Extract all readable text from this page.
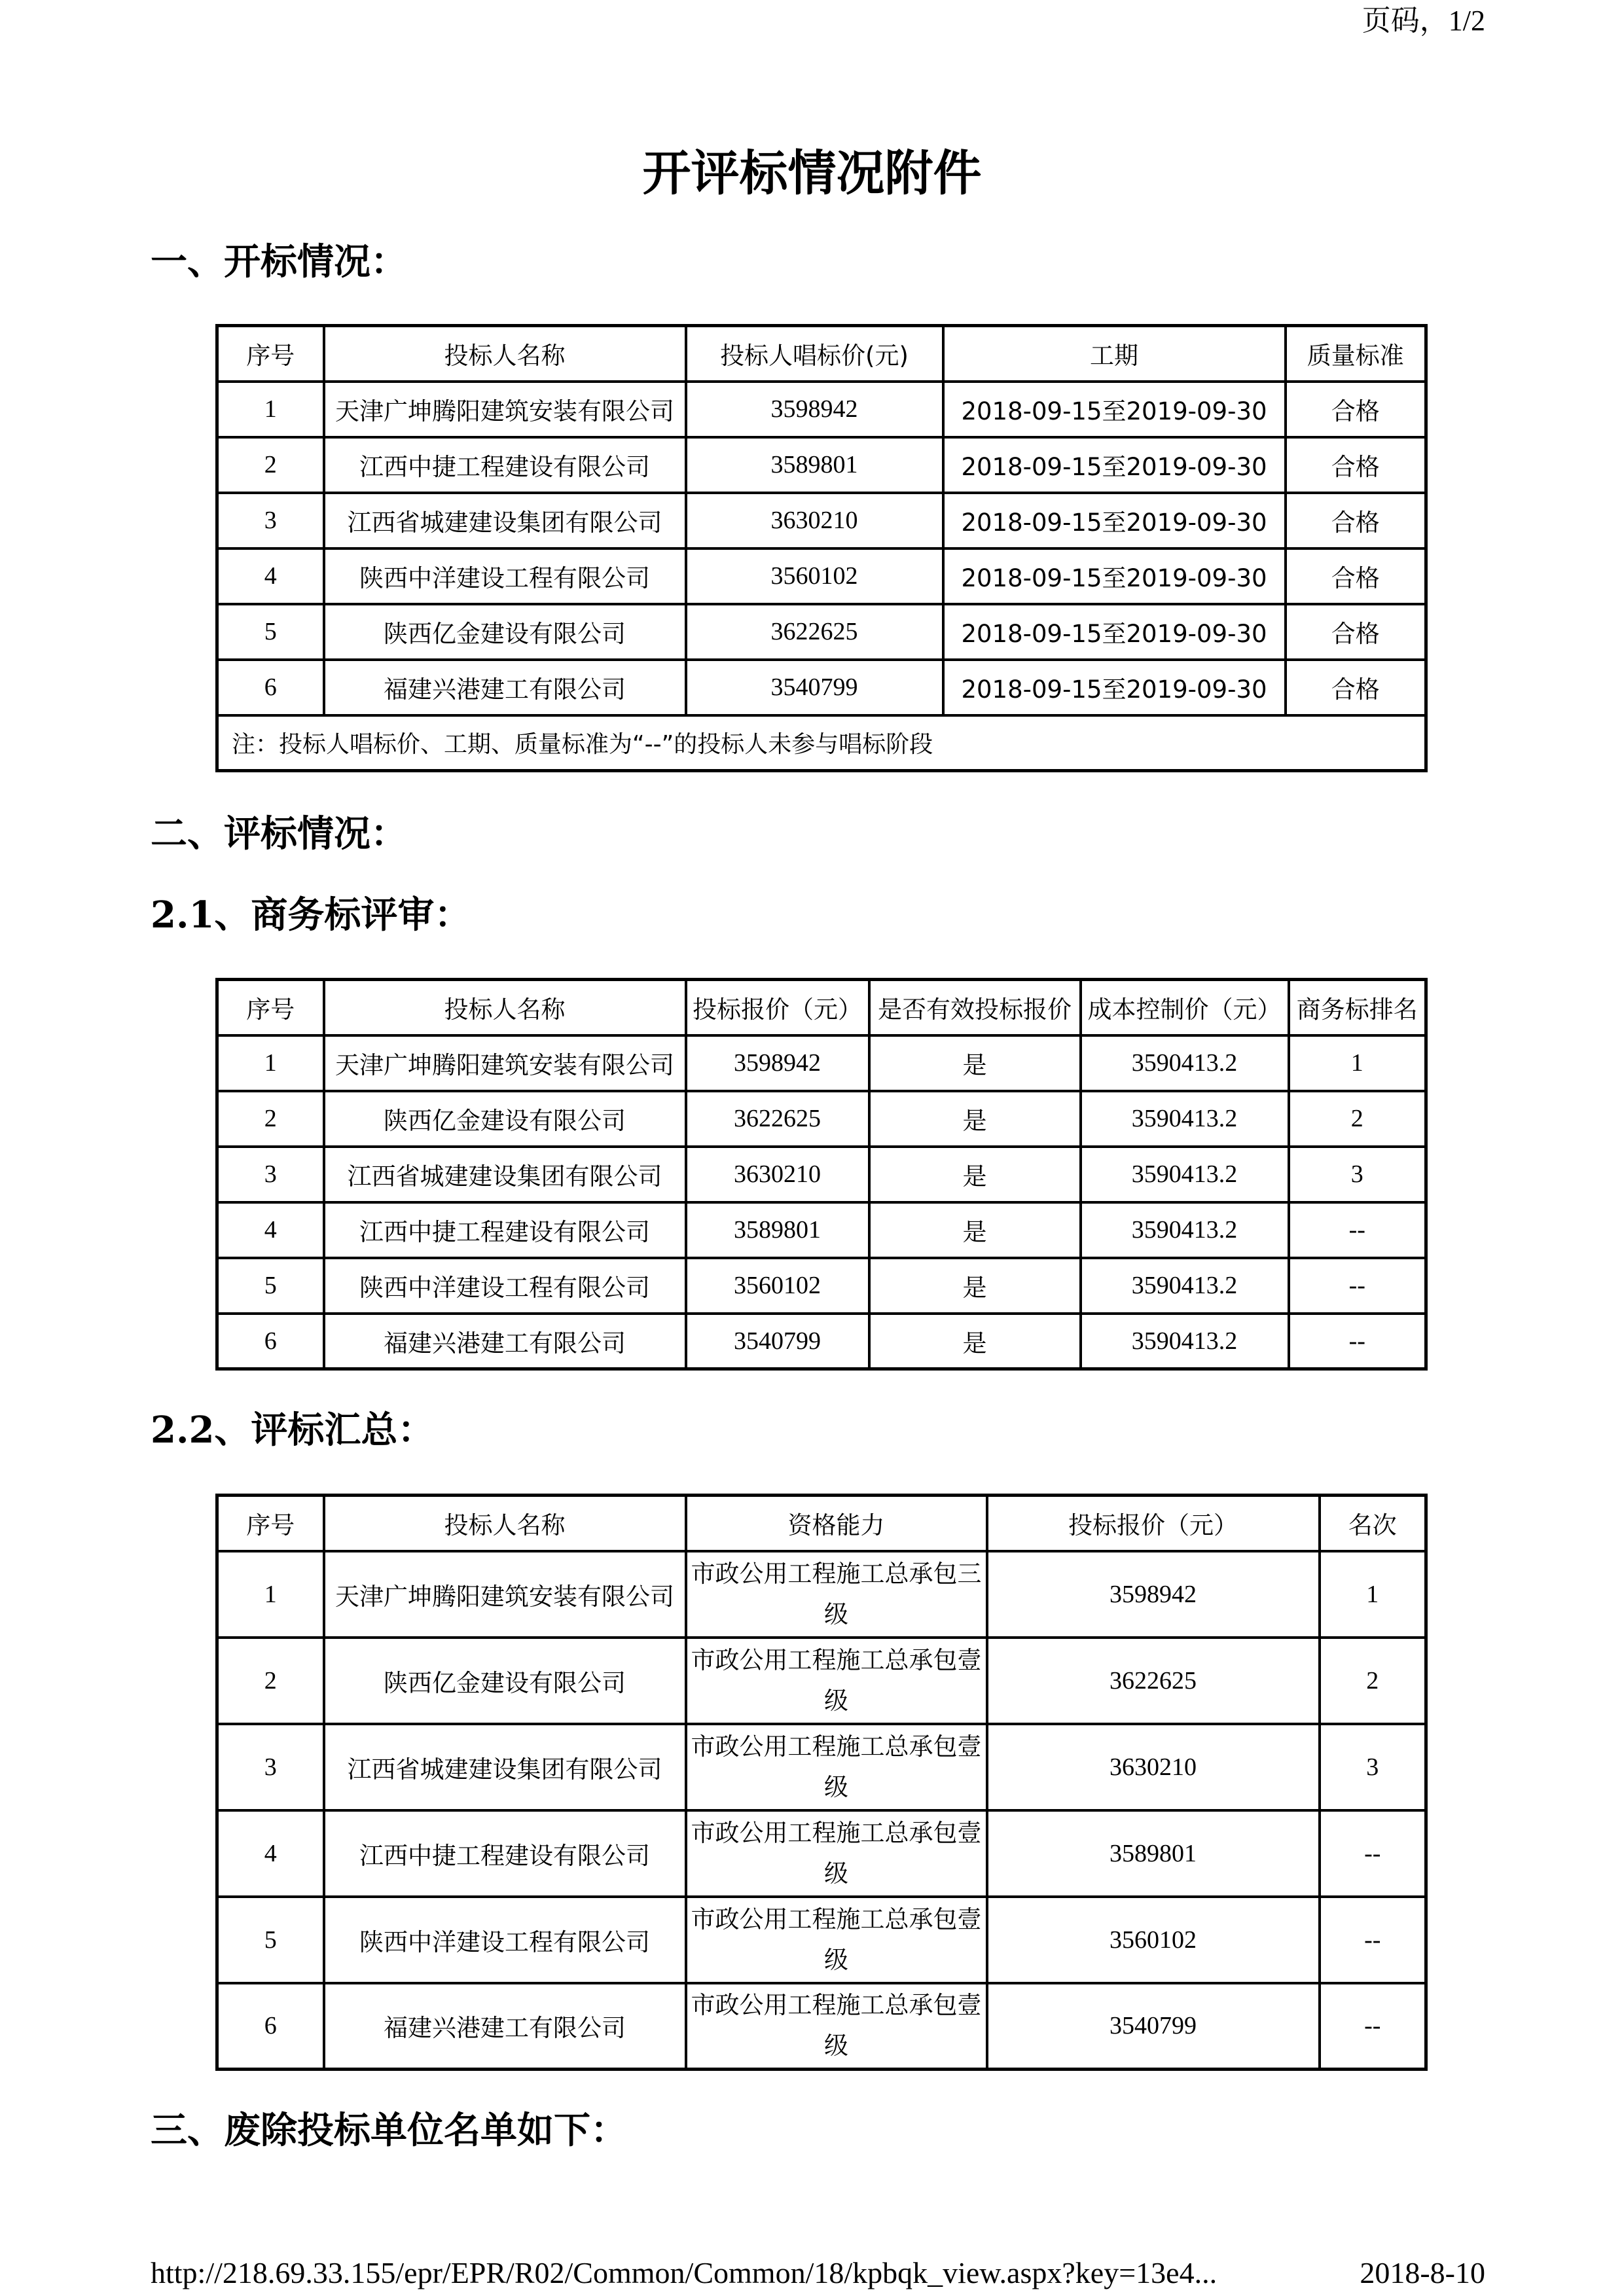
页码，1/2
开评标情况附件
一、开标情况：
序号	投标人名称	投标人唱标价(元)	工期	质量标准
1	天津广坤腾阳建筑安装有限公司	3598942	2018-09-15至2019-09-30	合格
2	江西中捷工程建设有限公司	3589801	2018-09-15至2019-09-30	合格
3	江西省城建建设集团有限公司	3630210	2018-09-15至2019-09-30	合格
4	陕西中洋建设工程有限公司	3560102	2018-09-15至2019-09-30	合格
5	陕西亿金建设有限公司	3622625	2018-09-15至2019-09-30	合格
6	福建兴港建工有限公司	3540799	2018-09-15至2019-09-30	合格
注：投标人唱标价、工期、质量标准为“--”的投标人未参与唱标阶段				
二、评标情况：
2.1、商务标评审：
序号	投标人名称	投标报价（元）	是否有效投标报价	成本控制价（元）	商务标排名
1	天津广坤腾阳建筑安装有限公司	3598942	是	3590413.2	1
2	陕西亿金建设有限公司	3622625	是	3590413.2	2
3	江西省城建建设集团有限公司	3630210	是	3590413.2	3
4	江西中捷工程建设有限公司	3589801	是	3590413.2	--
5	陕西中洋建设工程有限公司	3560102	是	3590413.2	--
6	福建兴港建工有限公司	3540799	是	3590413.2	--
2.2、评标汇总：
序号	投标人名称	资格能力	投标报价（元）	名次
1	天津广坤腾阳建筑安装有限公司	市政公用工程施工总承包三级	3598942	1
2	陕西亿金建设有限公司	市政公用工程施工总承包壹级	3622625	2
3	江西省城建建设集团有限公司	市政公用工程施工总承包壹级	3630210	3
4	江西中捷工程建设有限公司	市政公用工程施工总承包壹级	3589801	--
5	陕西中洋建设工程有限公司	市政公用工程施工总承包壹级	3560102	--
6	福建兴港建工有限公司	市政公用工程施工总承包壹级	3540799	--
三、废除投标单位名单如下：
http://218.69.33.155/epr/EPR/R02/Common/Common/18/kpbqk_view.aspx?key=13e4...	2018-8-10
